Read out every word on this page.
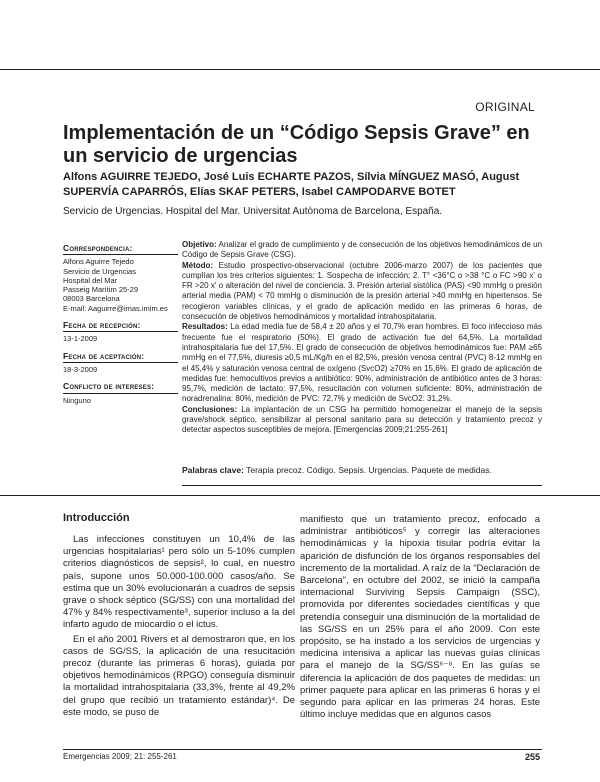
ORIGINAL
Implementación de un “Código Sepsis Grave” en un servicio de urgencias
Alfons AGUIRRE TEJEDO, José Luis ECHARTE PAZOS, Sílvia MÍNGUEZ MASÓ, August SUPERVÍA CAPARRÓS, Elías SKAF PETERS, Isabel CAMPODARVE BOTET
Servicio de Urgencias. Hospital del Mar. Universitat Autònoma de Barcelona, España.
Correspondencia:
Alfons Aguirre Tejedo
Servicio de Urgencias
Hospital del Mar
Passeig Marítim 25-29
08003 Barcelona
E-mail: Aaguirre@imas.imim.es
Fecha de recepción:
13-1-2009
Fecha de aceptación:
18-3-2009
Conflicto de intereses:
Ninguno

Objetivo: Analizar el grado de cumplimiento y de consecución de los objetivos hemodinámicos de un Código de Sepsis Grave (CSG).

Método: Estudio prospectivo-observacional (octubre 2006-marzo 2007) de los pacientes que cumplían los tres criterios siguientes: 1. Sospecha de infección; 2. T° <36°C o >38 °C o FC >90 x' o FR >20 x' o alteración del nivel de conciencia. 3. Presión arterial sistólica (PAS) <90 mmHg o presión arterial media (PAM) < 70 mmHg o disminución de la presión arterial >40 mmHg en hipertensos. Se recogieron variables clínicas, y el grado de aplicación medido en las primeras 6 horas, de consecución de objetivos hemodinámicos y mortalidad intrahospitalaria.

Resultados: La edad media fue de 58,4 ± 20 años y el 70,7% eran hombres. El foco infeccioso más frecuente fue el respiratorio (50%). El grado de activación fue del 64,5%. La mortalidad intrahospitalaria fue del 17,5%. El grado de consecución de objetivos hemodinámicos fue: PAM ≥65 mmHg en el 77,5%, diuresis ≥0,5 mL/Kg/h en el 82,5%, presión venosa central (PVC) 8-12 mmHg en el 45,4% y saturación venosa central de oxígeno (SvcO2) ≥70% en 15,6%. El grado de aplicación de medidas fue: hemocultivos previos a antibiótico: 90%, administración de antibiótico antes de 3 horas: 95,7%, medición de lactato: 97,5%, resucitación con volumen suficiente: 80%, administración de noradrenalina: 80%, medición de PVC: 72,7% y medición de SvcO2: 31,2%.

Conclusiones: La implantación de un CSG ha permitido homogeneizar el manejo de la sepsis grave/shock séptico, sensibilizar al personal sanitario para su detección y tratamiento precoz y detectar aspectos susceptibles de mejora. [Emergencias 2009;21:255-261]

Palabras clave: Terapia precoz. Código. Sepsis. Urgencias. Paquete de medidas.
Introducción

Las infecciones constituyen un 10,4% de las urgencias hospitalarias¹ pero sólo un 5-10% cumplen criterios diagnósticos de sepsis², lo cual, en nuestro país, supone unos 50.000-100.000 casos/año. Se estima que un 30% evolucionarán a cuadros de sepsis grave o shock séptico (SG/SS) con una mortalidad del 47% y 84% respectivamente³, superior incluso a la del infarto agudo de miocardio o el ictus.

En el año 2001 Rivers et al demostraron que, en los casos de SG/SS, la aplicación de una resucitación precoz (durante las primeras 6 horas), guiada por objetivos hemodinámicos (RPGO) conseguía disminuir la mortalidad intrahospitalaria (33,3%, frente al 49,2% del grupo que recibió un tratamiento estándar)⁴. De este modo, se puso de

manifiesto que un tratamiento precoz, enfocado a administrar antibióticos⁵ y corregir las alteraciones hemodinámicas y la hipoxia tisular podría evitar la aparición de disfunción de los órganos responsables del incremento de la mortalidad. A raíz de la “Declaración de Barcelona”, en octubre del 2002, se inició la campaña internacional Surviving Sepsis Campaign (SSC), promovida por diferentes sociedades científicas y que pretendía conseguir una disminución de la mortalidad de las SG/SS en un 25% para el año 2009. Con este propósito, se ha instado a los servicios de urgencias y medicina intensiva a aplicar las nuevas guías clínicas para el manejo de la SG/SS⁶⁻⁸. En las guías se diferencia la aplicación de dos paquetes de medidas: un primer paquete para aplicar en las primeras 6 horas y el segundo para aplicar en las primeras 24 horas. Este último incluye medidas que en algunos casos

Emergencias 2009; 21: 255-261	255
